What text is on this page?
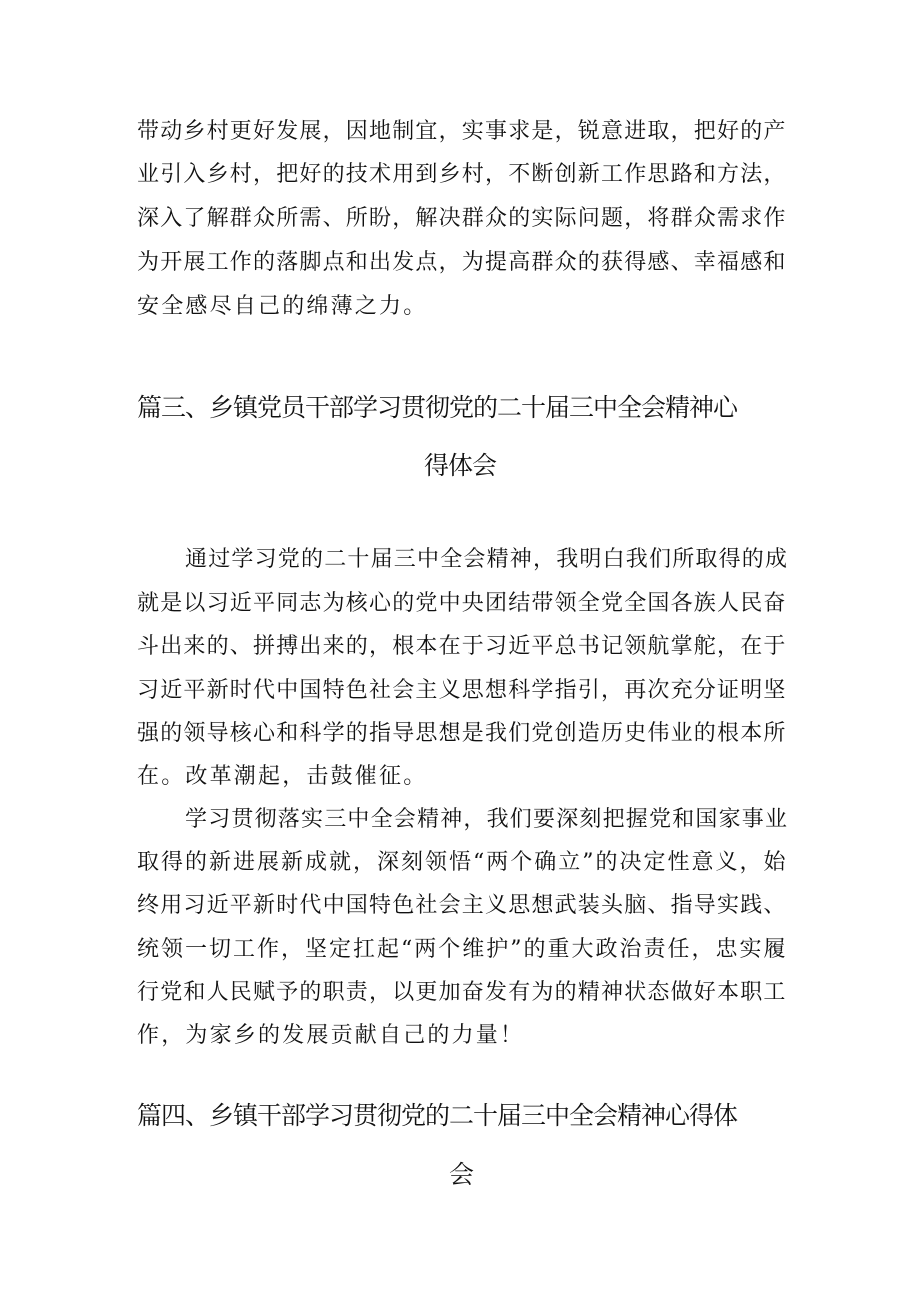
带动乡村更好发展，因地制宜，实事求是，锐意进取，把好的产
业引入乡村，把好的技术用到乡村，不断创新工作思路和方法，
深入了解群众所需、所盼，解决群众的实际问题，将群众需求作
为开展工作的落脚点和出发点，为提高群众的获得感、幸福感和
安全感尽自己的绵薄之力。
篇三、乡镇党员干部学习贯彻党的二十届三中全会精神心
得体会
通过学习党的二十届三中全会精神，我明白我们所取得的成
就是以习近平同志为核心的党中央团结带领全党全国各族人民奋
斗出来的、拼搏出来的，根本在于习近平总书记领航掌舵，在于
习近平新时代中国特色社会主义思想科学指引，再次充分证明坚
强的领导核心和科学的指导思想是我们党创造历史伟业的根本所
在。改革潮起，击鼓催征。
学习贯彻落实三中全会精神，我们要深刻把握党和国家事业
取得的新进展新成就，深刻领悟“两个确立”的决定性意义，始
终用习近平新时代中国特色社会主义思想武装头脑、指导实践、
统领一切工作，坚定扛起“两个维护”的重大政治责任，忠实履
行党和人民赋予的职责，以更加奋发有为的精神状态做好本职工
作，为家乡的发展贡献自己的力量！
篇四、乡镇干部学习贯彻党的二十届三中全会精神心得体
会
